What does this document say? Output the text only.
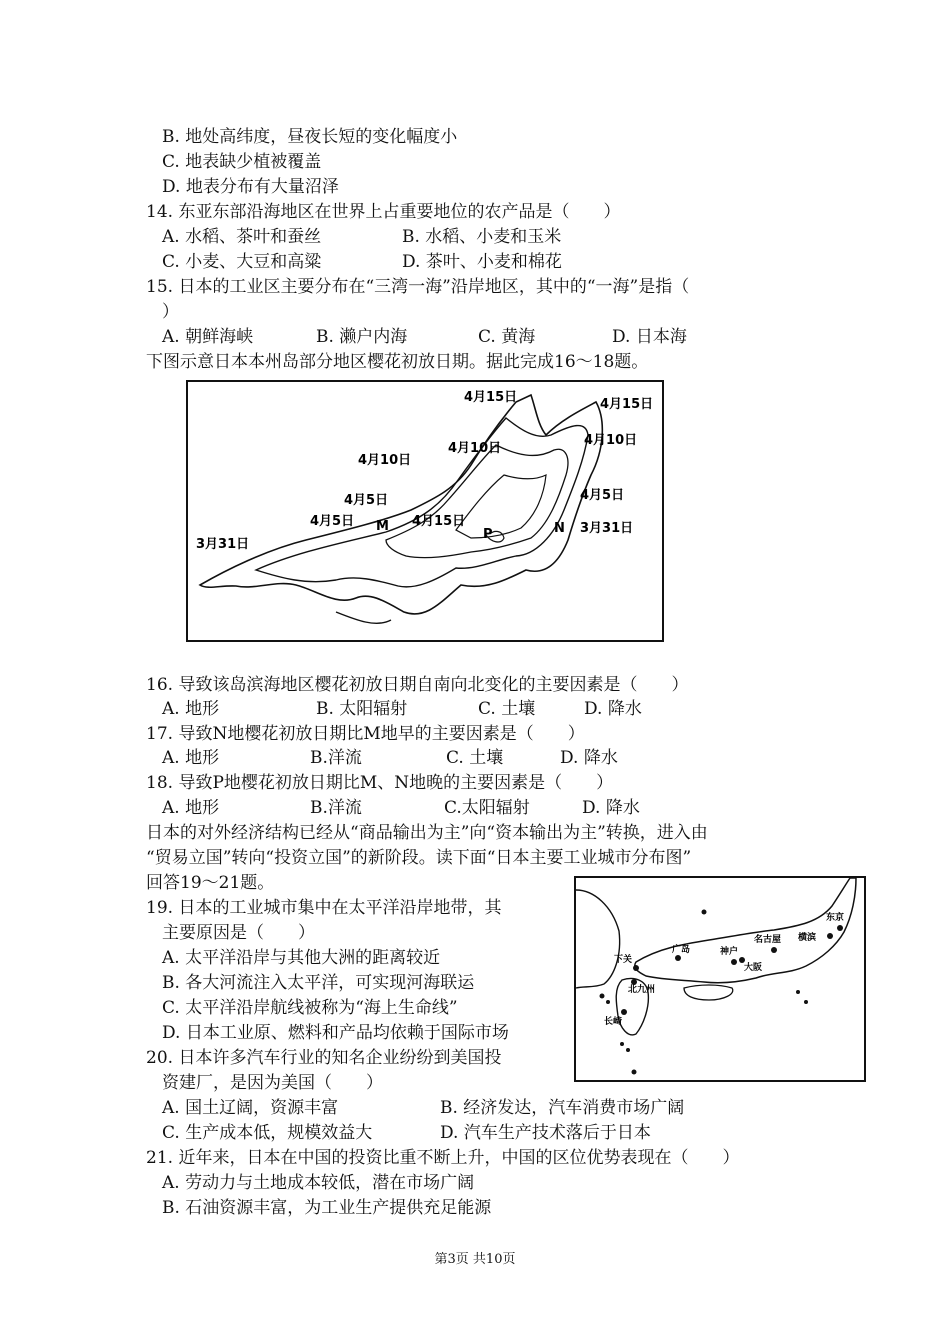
B. 地处高纬度，昼夜长短的变化幅度小
C. 地表缺少植被覆盖
D. 地表分布有大量沼泽
14. 东亚东部沿海地区在世界上占重要地位的农产品是（　　）
A. 水稻、茶叶和蚕丝	B. 水稻、小麦和玉米
C. 小麦、大豆和高粱	D. 茶叶、小麦和棉花
15. 日本的工业区主要分布在“三湾一海”沿岸地区，其中的“一海”是指（
）
A. 朝鲜海峡	B. 濑户内海	C. 黄海	D. 日本海
下图示意日本本州岛部分地区樱花初放日期。据此完成16～18题。
4月15日	4月15日
4月10日
4月10日
4月10日
4月5日
4月5日
4月5日 M 4月15日
P	N 3月31日
3月31日
16. 导致该岛滨海地区樱花初放日期自南向北变化的主要因素是（　　）
A. 地形	B. 太阳辐射	C. 土壤	D. 降水
17. 导致N地樱花初放日期比M地早的主要因素是（　　）
A. 地形	B.洋流	C. 土壤	D. 降水
18. 导致P地樱花初放日期比M、N地晚的主要因素是（　　）
A. 地形	B.洋流	C.太阳辐射	D. 降水
日本的对外经济结构已经从“商品输出为主”向“资本输出为主”转换，进入由
“贸易立国”转向“投资立国”的新阶段。读下面“日本主要工业城市分布图”
回答19～21题。
19. 日本的工业城市集中在太平洋沿岸地带，其
主要原因是（　　）
A. 太平洋沿岸与其他大洲的距离较近
B. 各大河流注入太平洋，可实现河海联运
C. 太平洋沿岸航线被称为“海上生命线”
D. 日本工业原、燃料和产品均依赖于国际市场
20. 日本许多汽车行业的知名企业纷纷到美国投
资建厂，是因为美国（　　）
A. 国土辽阔，资源丰富	B. 经济发达，汽车消费市场广阔
C. 生产成本低，规模效益大	D. 汽车生产技术落后于日本
21. 近年来，日本在中国的投资比重不断上升，中国的区位优势表现在（　　）
A. 劳动力与土地成本较低，潜在市场广阔
B. 石油资源丰富，为工业生产提供充足能源
东京
横滨
名古屋
神户
大阪
广岛
下关
北九州
长崎
第3页 共10页
